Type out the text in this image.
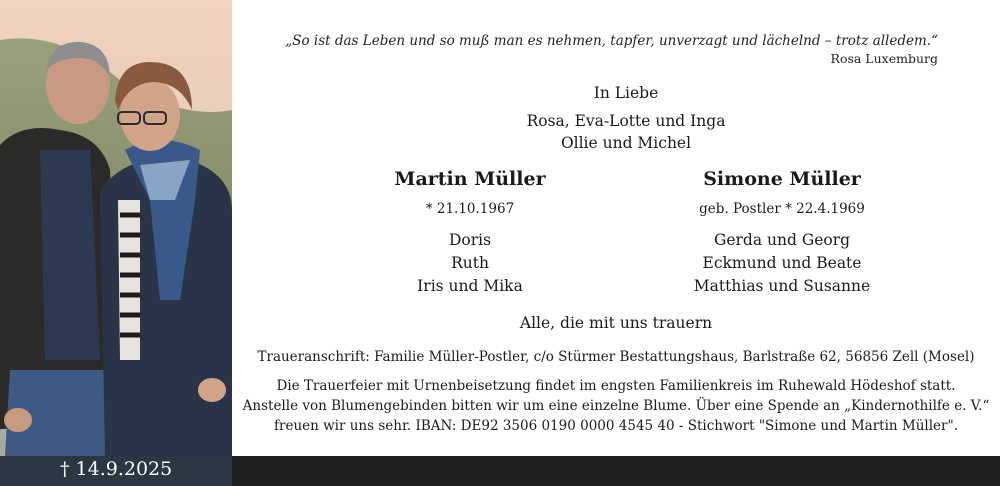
† 14.9.2025
„So ist das Leben und so muß man es nehmen, tapfer, unverzagt und lächelnd – trotz alledem.“
Rosa Luxemburg
In Liebe
Rosa, Eva-Lotte und Inga
Ollie und Michel
Martin Müller	Simone Müller
* 21.10.1967	geb. Postler * 22.4.1969
Doris
Ruth
Iris und Mika
Gerda und Georg
Eckmund und Beate
Matthias und Susanne
Alle, die mit uns trauern
Traueranschrift: Familie Müller-Postler, c/o Stürmer Bestattungshaus, Barlstraße 62, 56856 Zell (Mosel)
Die Trauerfeier mit Urnenbeisetzung findet im engsten Familienkreis im Ruhewald Hödeshof statt.
Anstelle von Blumengebinden bitten wir um eine einzelne Blume. Über eine Spende an „Kindernothilfe e. V.“
freuen wir uns sehr. IBAN: DE92 3506 0190 0000 4545 40 - Stichwort "Simone und Martin Müller".
